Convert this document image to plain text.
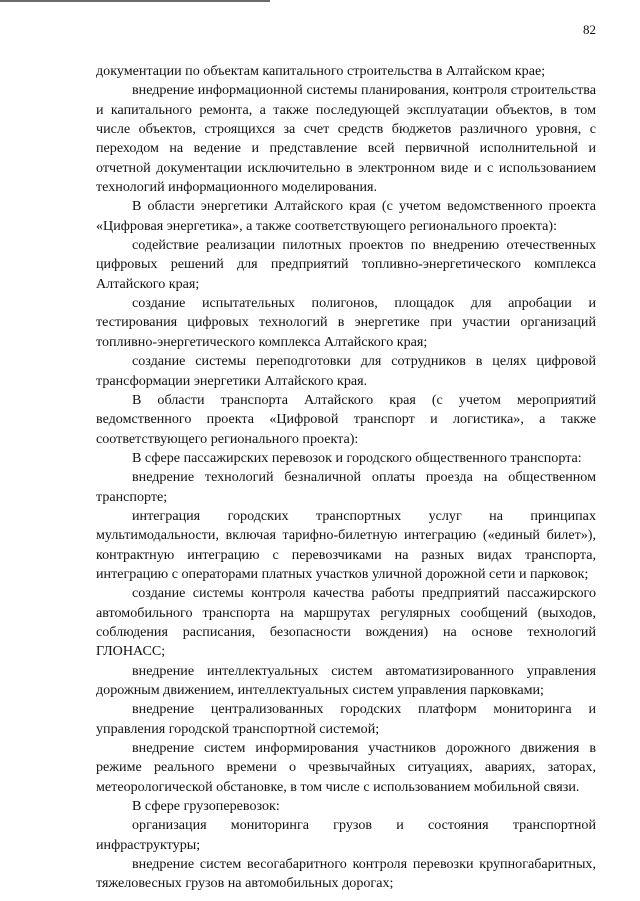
82

документации по объектам капитального строительства в Алтайском крае;

внедрение информационной системы планирования, контроля строительства и капитального ремонта, а также последующей эксплуатации объектов, в том числе объектов, строящихся за счет средств бюджетов различного уровня, с переходом на ведение и представление всей первичной исполнительной и отчетной документации исключительно в электронном виде и с использованием технологий информационного моделирования.

В области энергетики Алтайского края (с учетом ведомственного проекта «Цифровая энергетика», а также соответствующего регионального проекта):

содействие реализации пилотных проектов по внедрению отечественных цифровых решений для предприятий топливно-энергетического комплекса Алтайского края;

создание испытательных полигонов, площадок для апробации и тестирования цифровых технологий в энергетике при участии организаций топливно-энергетического комплекса Алтайского края;

создание системы переподготовки для сотрудников в целях цифровой трансформации энергетики Алтайского края.

В области транспорта Алтайского края (с учетом мероприятий ведомственного проекта «Цифровой транспорт и логистика», а также соответствующего регионального проекта):

В сфере пассажирских перевозок и городского общественного транспорта:

внедрение технологий безналичной оплаты проезда на общественном транспорте;

интеграция городских транспортных услуг на принципах мультимодальности, включая тарифно-билетную интеграцию («единый билет»), контрактную интеграцию с перевозчиками на разных видах транспорта, интеграцию с операторами платных участков уличной дорожной сети и парковок;

создание системы контроля качества работы предприятий пассажирского автомобильного транспорта на маршрутах регулярных сообщений (выходов, соблюдения расписания, безопасности вождения) на основе технологий ГЛОНАСС;

внедрение интеллектуальных систем автоматизированного управления дорожным движением, интеллектуальных систем управления парковками;

внедрение централизованных городских платформ мониторинга и управления городской транспортной системой;

внедрение систем информирования участников дорожного движения в режиме реального времени о чрезвычайных ситуациях, авариях, заторах, метеорологической обстановке, в том числе с использованием мобильной связи.

В сфере грузоперевозок:

организация мониторинга грузов и состояния транспортной инфраструктуры;

внедрение систем весогабаритного контроля перевозки крупногабаритных, тяжеловесных грузов на автомобильных дорогах;
